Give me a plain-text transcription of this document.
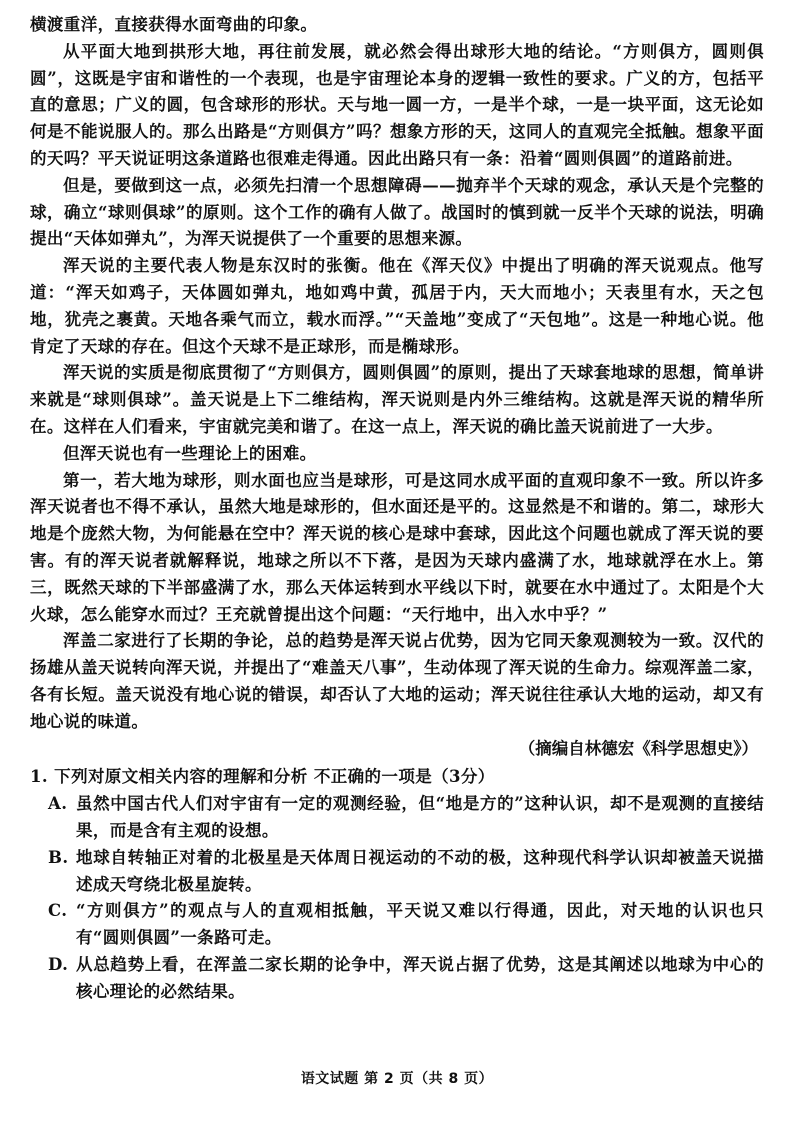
横渡重洋，直接获得水面弯曲的印象。

从平面大地到拱形大地，再往前发展，就必然会得出球形大地的结论。“方则俱方，圆则俱圆”，这既是宇宙和谐性的一个表现，也是宇宙理论本身的逻辑一致性的要求。广义的方，包括平直的意思；广义的圆，包含球形的形状。天与地一圆一方，一是半个球，一是一块平面，这无论如何是不能说服人的。那么出路是“方则俱方”吗？想象方形的天，这同人的直观完全抵触。想象平面的天吗？平天说证明这条道路也很难走得通。因此出路只有一条：沿着“圆则俱圆”的道路前进。

但是，要做到这一点，必须先扫清一个思想障碍——抛弃半个天球的观念，承认天是个完整的球，确立“球则俱球”的原则。这个工作的确有人做了。战国时的慎到就一反半个天球的说法，明确提出“天体如弹丸”，为浑天说提供了一个重要的思想来源。

浑天说的主要代表人物是东汉时的张衡。他在《浑天仪》中提出了明确的浑天说观点。他写道：“浑天如鸡子，天体圆如弹丸，地如鸡中黄，孤居于内，天大而地小；天表里有水，天之包地，犹壳之裹黄。天地各乘气而立，载水而浮。”“天盖地”变成了“天包地”。这是一种地心说。他肯定了天球的存在。但这个天球不是正球形，而是椭球形。

浑天说的实质是彻底贯彻了“方则俱方，圆则俱圆”的原则，提出了天球套地球的思想，简单讲来就是“球则俱球”。盖天说是上下二维结构，浑天说则是内外三维结构。这就是浑天说的精华所在。这样在人们看来，宇宙就完美和谐了。在这一点上，浑天说的确比盖天说前进了一大步。

但浑天说也有一些理论上的困难。

第一，若大地为球形，则水面也应当是球形，可是这同水成平面的直观印象不一致。所以许多浑天说者也不得不承认，虽然大地是球形的，但水面还是平的。这显然是不和谐的。第二，球形大地是个庞然大物，为何能悬在空中？浑天说的核心是球中套球，因此这个问题也就成了浑天说的要害。有的浑天说者就解释说，地球之所以不下落，是因为天球内盛满了水，地球就浮在水上。第三，既然天球的下半部盛满了水，那么天体运转到水平线以下时，就要在水中通过了。太阳是个大火球，怎么能穿水而过？王充就曾提出这个问题：“天行地中，出入水中乎？”

浑盖二家进行了长期的争论，总的趋势是浑天说占优势，因为它同天象观测较为一致。汉代的扬雄从盖天说转向浑天说，并提出了“难盖天八事”，生动体现了浑天说的生命力。综观浑盖二家，各有长短。盖天说没有地心说的错误，却否认了大地的运动；浑天说往往承认大地的运动，却又有地心说的味道。

（摘编自林德宏《科学思想史》）

1. 下列对原文相关内容的理解和分析 不正确的一项是（3分）

A. 虽然中国古代人们对宇宙有一定的观测经验，但“地是方的”这种认识，却不是观测的直接结果，而是含有主观的设想。
B. 地球自转轴正对着的北极星是天体周日视运动的不动的极，这种现代科学认识却被盖天说描述成天穹绕北极星旋转。
C. “方则俱方”的观点与人的直观相抵触，平天说又难以行得通，因此，对天地的认识也只有“圆则俱圆”一条路可走。
D. 从总趋势上看，在浑盖二家长期的论争中，浑天说占据了优势，这是其阐述以地球为中心的核心理论的必然结果。
语文试题 第 2 页（共 8 页）
